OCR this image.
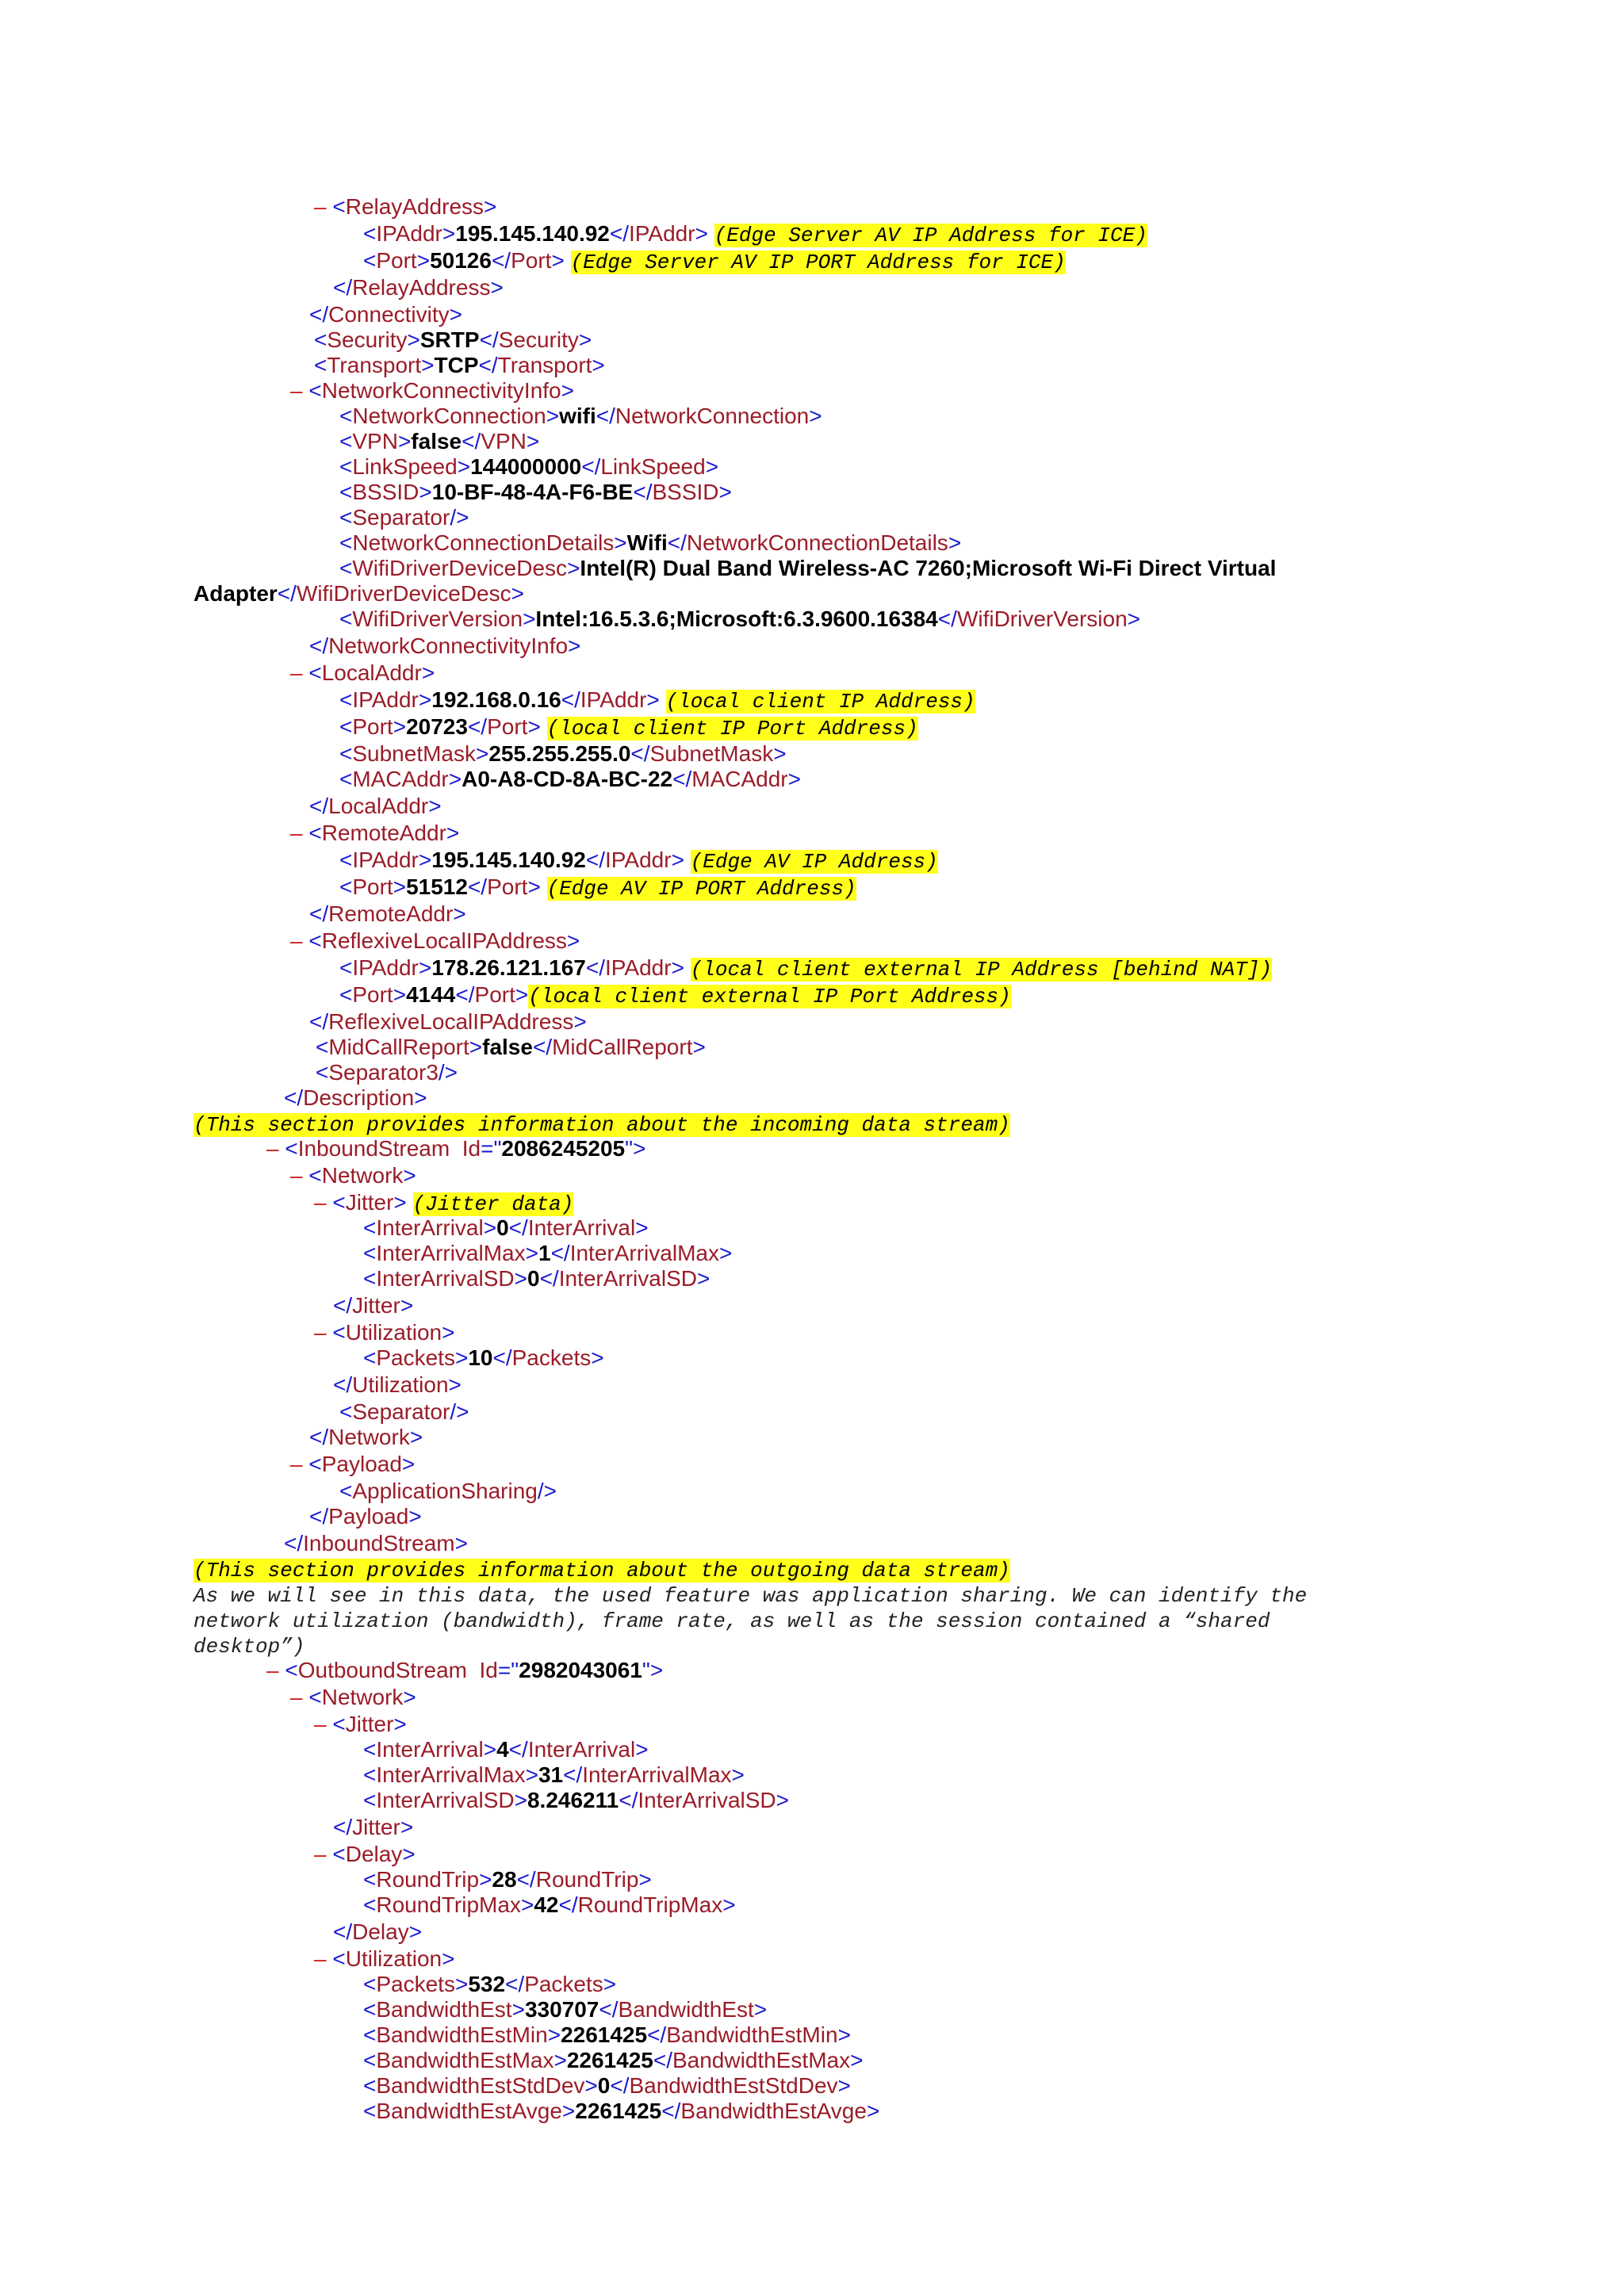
– <RelayAddress>
<IPAddr>195.145.140.92</IPAddr> (Edge Server AV IP Address for ICE)
<Port>50126</Port> (Edge Server AV IP PORT Address for ICE)
</RelayAddress>
</Connectivity>
<Security>SRTP</Security>
<Transport>TCP</Transport>
– <NetworkConnectivityInfo>
<NetworkConnection>wifi</NetworkConnection>
<VPN>false</VPN>
<LinkSpeed>144000000</LinkSpeed>
<BSSID>10-BF-48-4A-F6-BE</BSSID>
<Separator/>
<NetworkConnectionDetails>Wifi</NetworkConnectionDetails>
<WifiDriverDeviceDesc>Intel(R) Dual Band Wireless-AC 7260;Microsoft Wi-Fi Direct Virtual
Adapter</WifiDriverDeviceDesc>
<WifiDriverVersion>Intel:16.5.3.6;Microsoft:6.3.9600.16384</WifiDriverVersion>
</NetworkConnectivityInfo>
– <LocalAddr>
<IPAddr>192.168.0.16</IPAddr> (local client IP Address)
<Port>20723</Port> (local client IP Port Address)
<SubnetMask>255.255.255.0</SubnetMask>
<MACAddr>A0-A8-CD-8A-BC-22</MACAddr>
</LocalAddr>
– <RemoteAddr>
<IPAddr>195.145.140.92</IPAddr> (Edge AV IP Address)
<Port>51512</Port> (Edge AV IP PORT Address)
</RemoteAddr>
– <ReflexiveLocalIPAddress>
<IPAddr>178.26.121.167</IPAddr> (local client external IP Address [behind NAT])
<Port>4144</Port>(local client external IP Port Address)
</ReflexiveLocalIPAddress>
<MidCallReport>false</MidCallReport>
<Separator3/>
</Description>
(This section provides information about the incoming data stream)
– <InboundStream  Id="2086245205">
– <Network>
– <Jitter> (Jitter data)
<InterArrival>0</InterArrival>
<InterArrivalMax>1</InterArrivalMax>
<InterArrivalSD>0</InterArrivalSD>
</Jitter>
– <Utilization>
<Packets>10</Packets>
</Utilization>
<Separator/>
</Network>
– <Payload>
<ApplicationSharing/>
</Payload>
</InboundStream>
(This section provides information about the outgoing data stream)
As we will see in this data, the used feature was application sharing. We can identify the
network utilization (bandwidth), frame rate, as well as the session contained a “shared
desktop”)
– <OutboundStream  Id="2982043061">
– <Network>
– <Jitter>
<InterArrival>4</InterArrival>
<InterArrivalMax>31</InterArrivalMax>
<InterArrivalSD>8.246211</InterArrivalSD>
</Jitter>
– <Delay>
<RoundTrip>28</RoundTrip>
<RoundTripMax>42</RoundTripMax>
</Delay>
– <Utilization>
<Packets>532</Packets>
<BandwidthEst>330707</BandwidthEst>
<BandwidthEstMin>2261425</BandwidthEstMin>
<BandwidthEstMax>2261425</BandwidthEstMax>
<BandwidthEstStdDev>0</BandwidthEstStdDev>
<BandwidthEstAvge>2261425</BandwidthEstAvge>
